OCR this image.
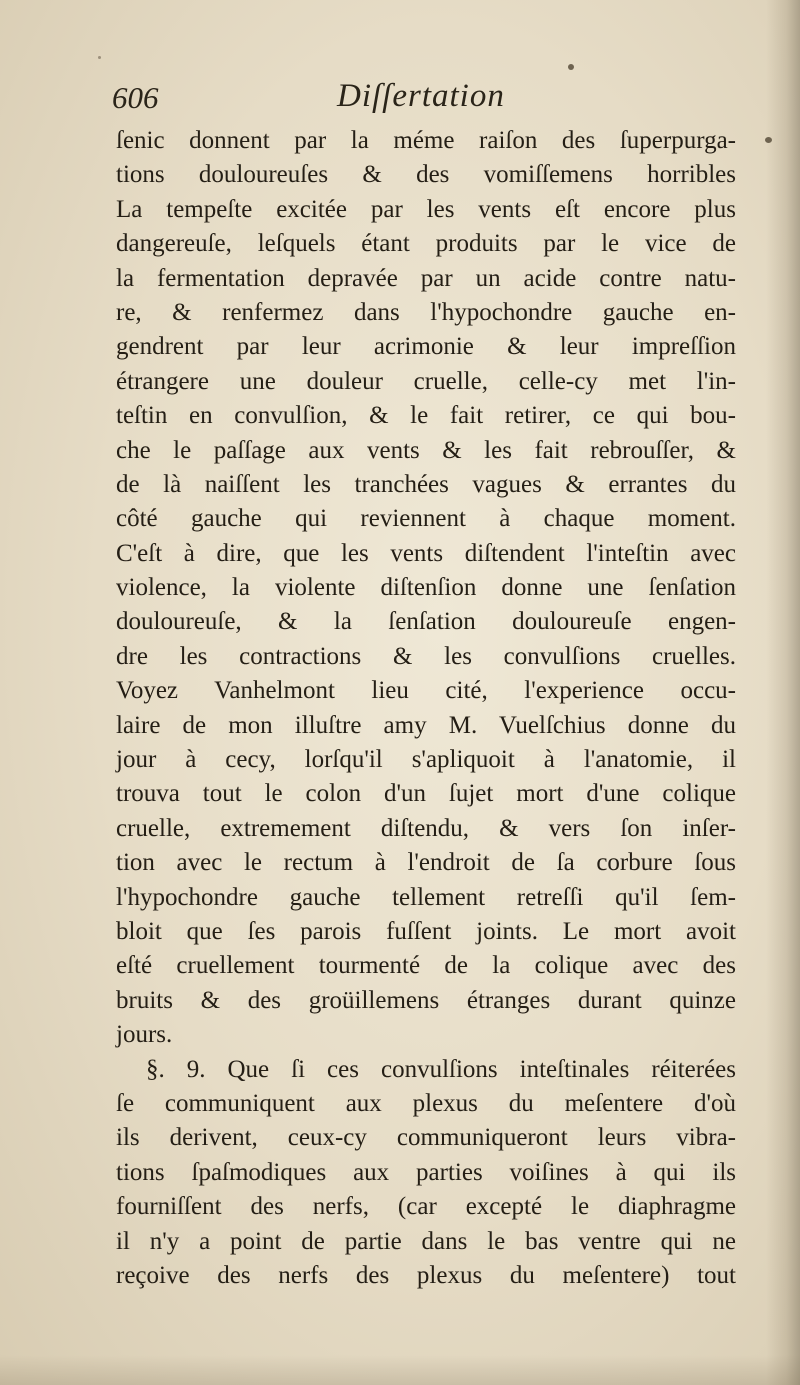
606	Diſſertation
ſenic donnent par la méme raiſon des ſuperpurga-
tions douloureuſes & des vomiſſemens horribles
La tempeſte excitée par les vents eſt encore plus
dangereuſe, leſquels étant produits par le vice de
la fermentation depravée par un acide contre natu-
re, & renfermez dans l'hypochondre gauche en-
gendrent par leur acrimonie & leur impreſſion
étrangere une douleur cruelle, celle-cy met l'in-
teſtin en convulſion, & le fait retirer, ce qui bou-
che le paſſage aux vents & les fait rebrouſſer, &
de là naiſſent les tranchées vagues & errantes du
côté gauche qui reviennent à chaque moment.
C'eſt à dire, que les vents diſtendent l'inteſtin avec
violence, la violente diſtenſion donne une ſenſation
douloureuſe, & la ſenſation douloureuſe engen-
dre les contractions & les convulſions cruelles.
Voyez Vanhelmont lieu cité, l'experience occu-
laire de mon illuſtre amy M. Vuelſchius donne du
jour à cecy, lorſqu'il s'apliquoit à l'anatomie, il
trouva tout le colon d'un ſujet mort d'une colique
cruelle, extremement diſtendu, & vers ſon inſer-
tion avec le rectum à l'endroit de ſa corbure ſous
l'hypochondre gauche tellement retreſſi qu'il ſem-
bloit que ſes parois fuſſent joints. Le mort avoit
eſté cruellement tourmenté de la colique avec des
bruits & des groüillemens étranges durant quinze
jours.
§. 9. Que ſi ces convulſions inteſtinales réiterées
ſe communiquent aux plexus du meſentere d'où
ils derivent, ceux-cy communiqueront leurs vibra-
tions ſpaſmodiques aux parties voiſines à qui ils
fourniſſent des nerfs, (car excepté le diaphragme
il n'y a point de partie dans le bas ventre qui ne
reçoive des nerfs des plexus du meſentere) tout
